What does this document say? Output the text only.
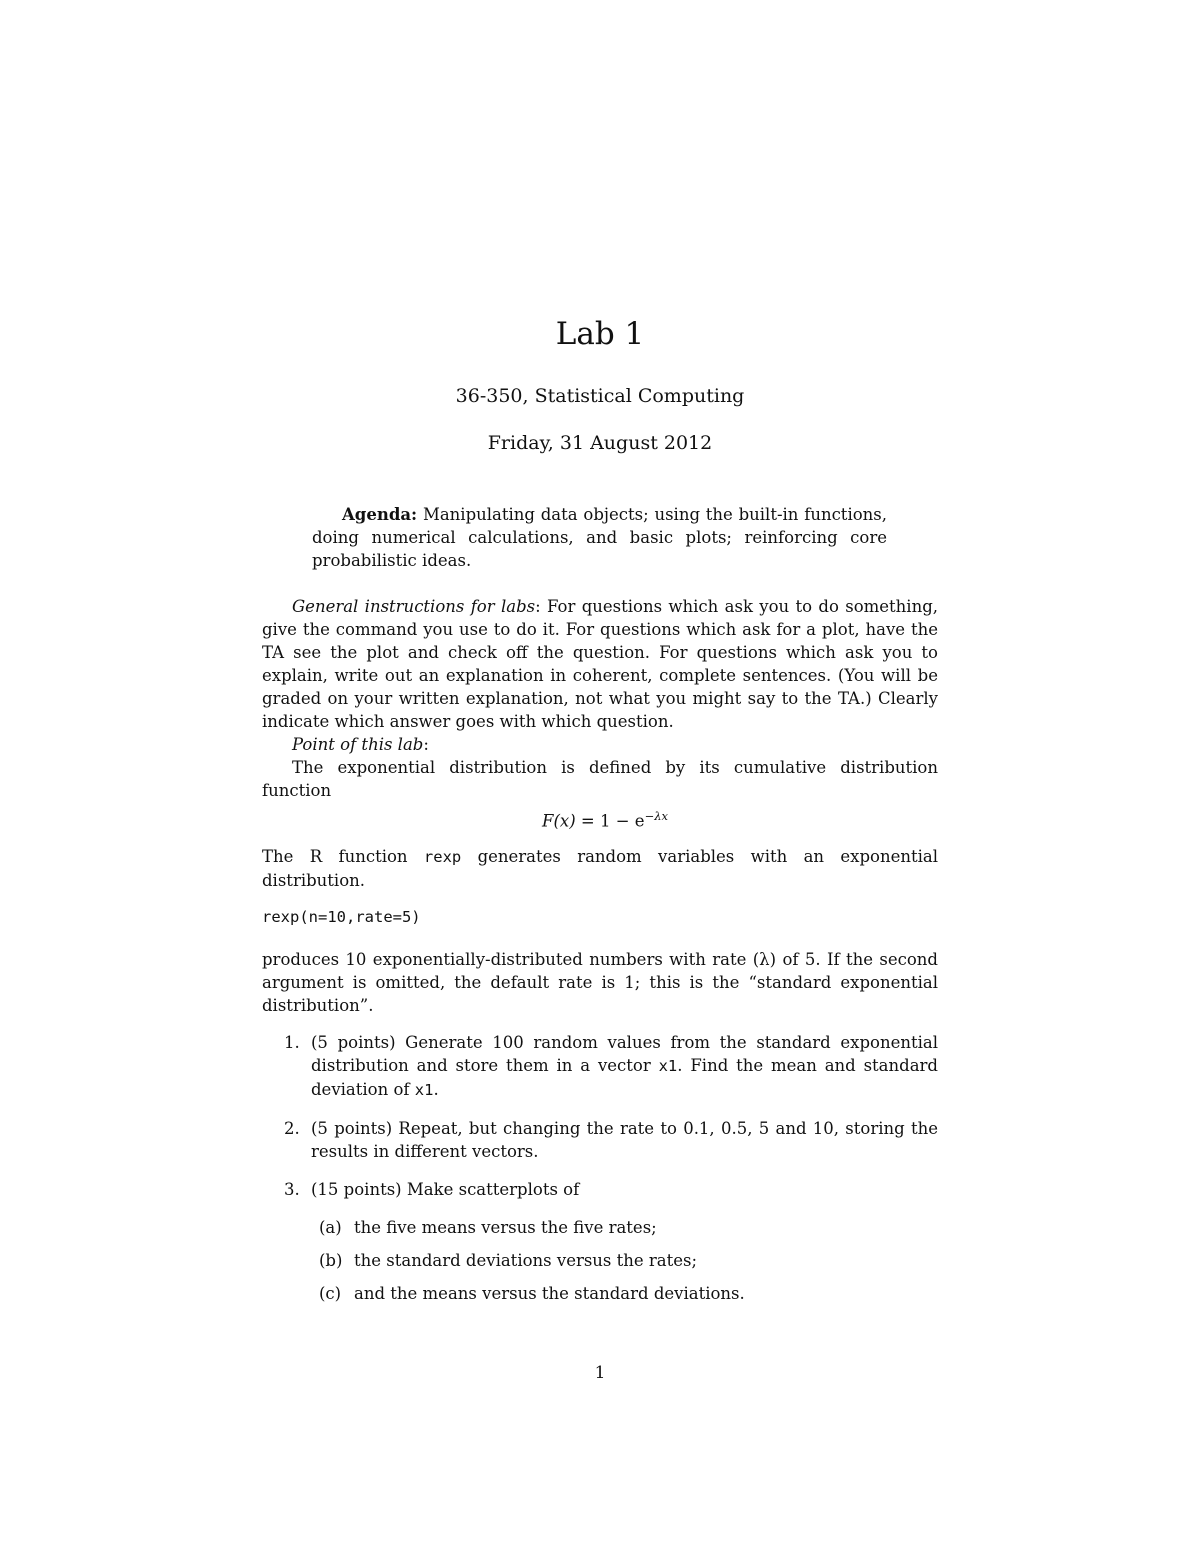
Lab 1
36-350, Statistical Computing
Friday, 31 August 2012

Agenda: Manipulating data objects; using the built-in functions, doing numerical calculations, and basic plots; reinforcing core probabilistic ideas.

General instructions for labs: For questions which ask you to do something, give the command you use to do it. For questions which ask for a plot, have the TA see the plot and check off the question. For questions which ask you to explain, write out an explanation in coherent, complete sentences. (You will be graded on your written explanation, not what you might say to the TA.) Clearly indicate which answer goes with which question.

Point of this lab:

The exponential distribution is defined by its cumulative distribution function

$F(x) = 1 - e^{-\lambda x}$

The R function rexp generates random variables with an exponential distribution.

rexp(n=10,rate=5)

produces 10 exponentially-distributed numbers with rate (λ) of 5. If the second argument is omitted, the default rate is 1; this is the “standard exponential distribution”.

1. (5 points) Generate 100 random values from the standard exponential distribution and store them in a vector x1. Find the mean and standard deviation of x1.
2. (5 points) Repeat, but changing the rate to 0.1, 0.5, 5 and 10, storing the results in different vectors.
3. (15 points) Make scatterplots of
(a) the five means versus the five rates;
(b) the standard deviations versus the rates;
(c) and the means versus the standard deviations.
1
